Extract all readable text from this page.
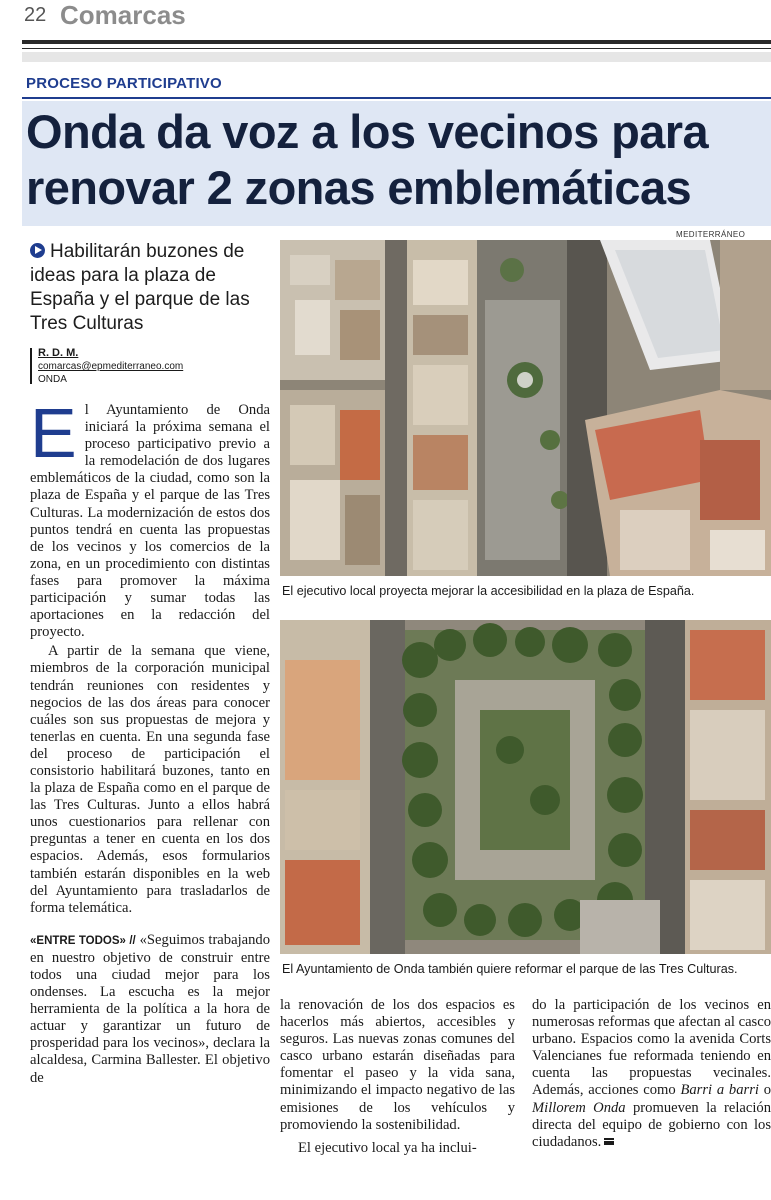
22 Comarcas
PROCESO PARTICIPATIVO
Onda da voz a los vecinos para
renovar 2 zonas emblemáticas
Habilitarán buzones de ideas para la plaza de España y el parque de las Tres Culturas
R. D. M.
comarcas@epmediterraneo.com
ONDA

El Ayuntamiento de Onda iniciará la próxima semana el proceso participativo previo a la remodelación de dos lugares emblemáticos de la ciudad, como son la plaza de España y el parque de las Tres Culturas. La modernización de estos dos puntos tendrá en cuenta las propuestas de los vecinos y los comercios de la zona, en un procedimiento con distintas fases para promover la máxima participación y sumar todas las aportaciones en la redacción del proyecto.

A partir de la semana que viene, miembros de la corporación municipal tendrán reuniones con residentes y negocios de las dos áreas para conocer cuáles son sus propuestas de mejora y tenerlas en cuenta. En una segunda fase del proceso de participación el consistorio habilitará buzones, tanto en la plaza de España como en el parque de las Tres Culturas. Junto a ellos habrá unos cuestionarios para rellenar con preguntas a tener en cuenta en los dos espacios. Además, esos formularios también estarán disponibles en la web del Ayuntamiento para trasladarlos de forma telemática.

«ENTRE TODOS» // «Seguimos trabajando en nuestro objetivo de construir entre todos una ciudad mejor para los ondenses. La escucha es la mejor herramienta de la política a la hora de actuar y garantizar un futuro de prosperidad para los vecinos», declara la alcaldesa, Carmina Ballester. El objetivo de

MEDITERRÁNEO
El ejecutivo local proyecta mejorar la accesibilidad en la plaza de España.
El Ayuntamiento de Onda también quiere reformar el parque de las Tres Culturas.

la renovación de los dos espacios es hacerlos más abiertos, accesibles y seguros. Las nuevas zonas comunes del casco urbano estarán diseñadas para fomentar el paseo y la vida sana, minimizando el impacto negativo de las emisiones de los vehículos y promoviendo la sostenibilidad.

El ejecutivo local ya ha inclui-

do la participación de los vecinos en numerosas reformas que afectan al casco urbano. Espacios como la avenida Corts Valencianes fue reformada teniendo en cuenta las propuestas vecinales. Además, acciones como Barri a barri o Millorem Onda promueven la relación directa del equipo de gobierno con los ciudadanos.
